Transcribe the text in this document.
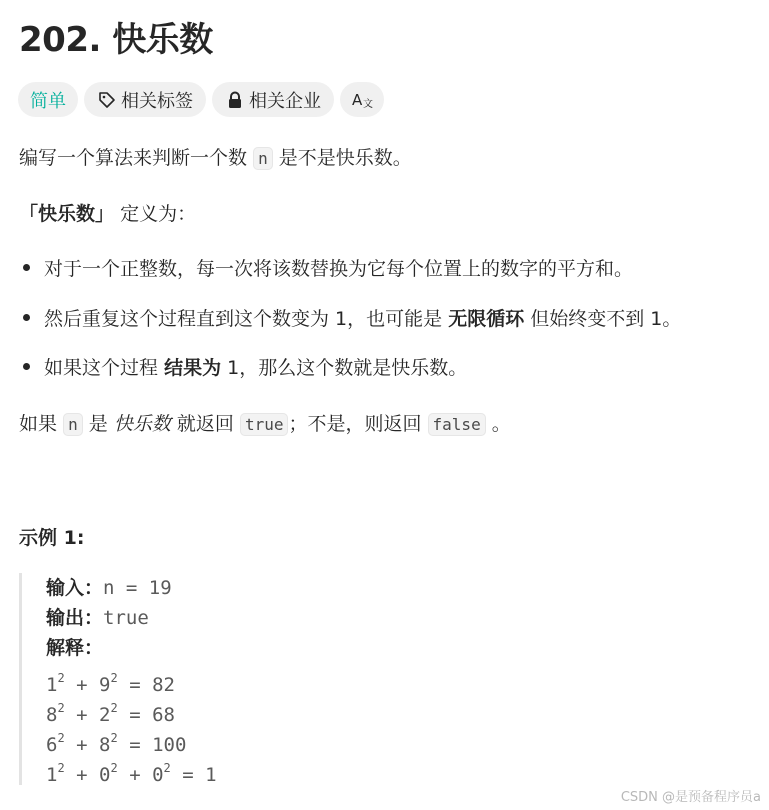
202. 快乐数
简单	相关标签	相关企业 A 文
编写一个算法来判断一个数 n 是不是快乐数。
「快乐数」 定义为：
对于一个正整数，每一次将该数替换为它每个位置上的数字的平方和。
然后重复这个过程直到这个数变为 1，也可能是 无限循环 但始终变不到 1。
如果这个过程 结果为 1，那么这个数就是快乐数。
如果 n 是 快乐数 就返回 true ；不是，则返回 false 。
示例 1:
输入：n = 19
输出：true
解释：
$1^2 + 9^2 = 82$
$8^2 + 2^2 = 68$
$6^2 + 8^2 = 100$
$1^2 + 0^2 + 0^2 = 1$
CSDN @是预备程序员a
